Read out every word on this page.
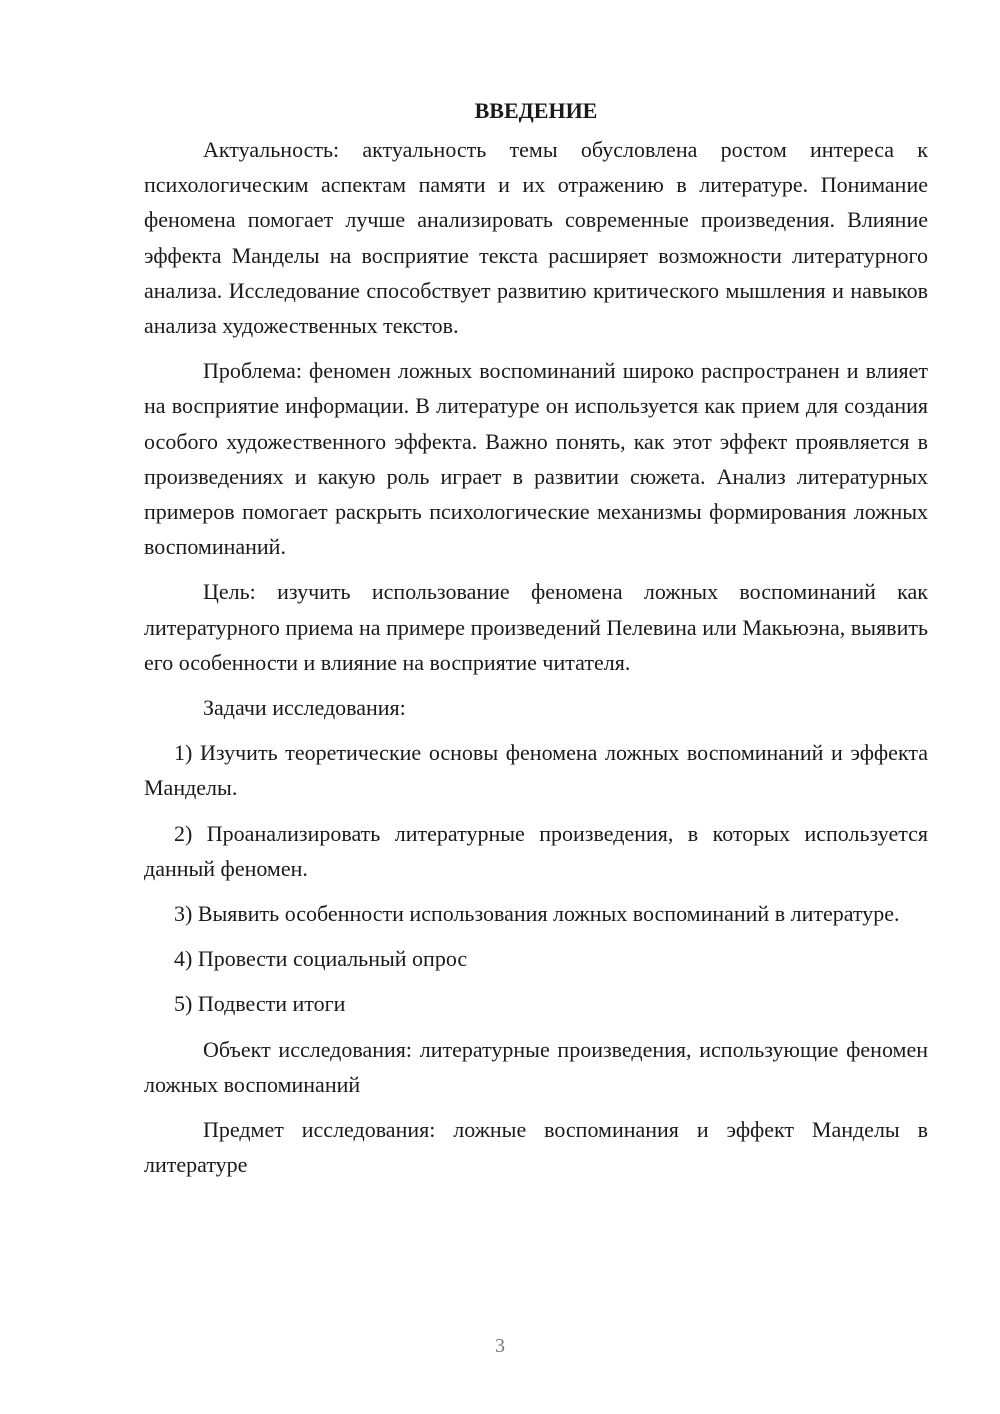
ВВЕДЕНИЕ

Актуальность: актуальность темы обусловлена ростом интереса к психологическим аспектам памяти и их отражению в литературе. Понимание феномена помогает лучше анализировать современные произведения. Влияние эффекта Манделы на восприятие текста расширяет возможности литературного анализа. Исследование способствует развитию критического мышления и навыков анализа художественных текстов.

Проблема: феномен ложных воспоминаний широко распространен и влияет на восприятие информации. В литературе он используется как прием для создания особого художественного эффекта. Важно понять, как этот эффект проявляется в произведениях и какую роль играет в развитии сюжета. Анализ литературных примеров помогает раскрыть психологические механизмы формирования ложных воспоминаний.

Цель: изучить использование феномена ложных воспоминаний как литературного приема на примере произведений Пелевина или Макьюэна, выявить его особенности и влияние на восприятие читателя.

Задачи исследования:

1) Изучить теоретические основы феномена ложных воспоминаний и эффекта Манделы.

2) Проанализировать литературные произведения, в которых используется данный феномен.

3) Выявить особенности использования ложных воспоминаний в литературе.

4) Провести социальный опрос

5) Подвести итоги

Объект исследования: литературные произведения, использующие феномен ложных воспоминаний

Предмет исследования: ложные воспоминания и эффект Манделы в литературе

3
